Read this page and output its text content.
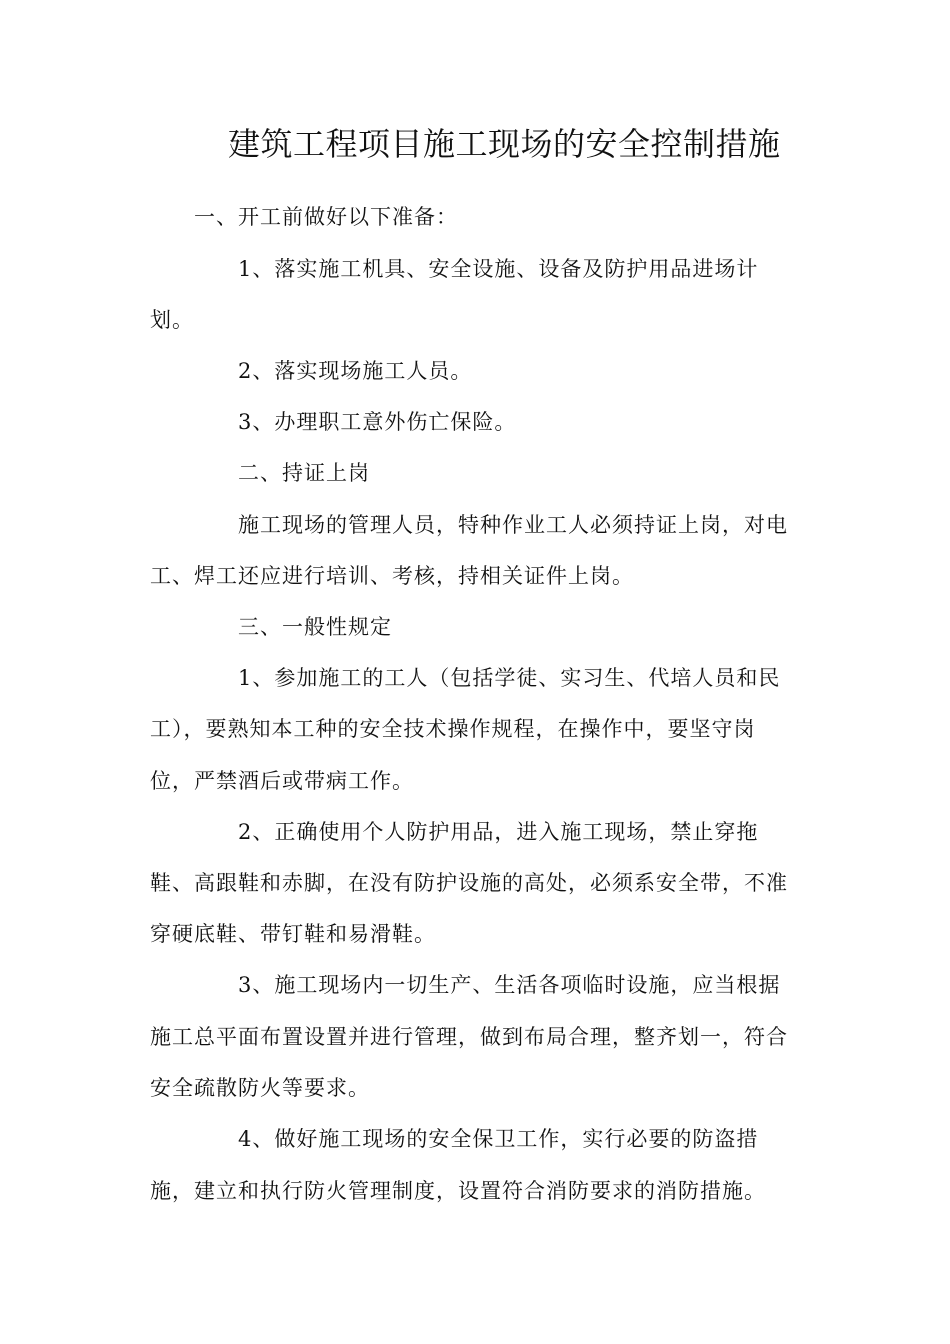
建筑工程项目施工现场的安全控制措施
一、开工前做好以下准备：
1、落实施工机具、安全设施、设备及防护用品进场计
划。
2、落实现场施工人员。
3、办理职工意外伤亡保险。
二、持证上岗
施工现场的管理人员，特种作业工人必须持证上岗，对电
工、焊工还应进行培训、考核，持相关证件上岗。
三、一般性规定
1、参加施工的工人（包括学徒、实习生、代培人员和民
工），要熟知本工种的安全技术操作规程，在操作中，要坚守岗
位，严禁酒后或带病工作。
2、正确使用个人防护用品，进入施工现场，禁止穿拖
鞋、高跟鞋和赤脚，在没有防护设施的高处，必须系安全带，不准
穿硬底鞋、带钉鞋和易滑鞋。
3、施工现场内一切生产、生活各项临时设施，应当根据
施工总平面布置设置并进行管理，做到布局合理，整齐划一，符合
安全疏散防火等要求。
4、做好施工现场的安全保卫工作，实行必要的防盗措
施，建立和执行防火管理制度，设置符合消防要求的消防措施。
